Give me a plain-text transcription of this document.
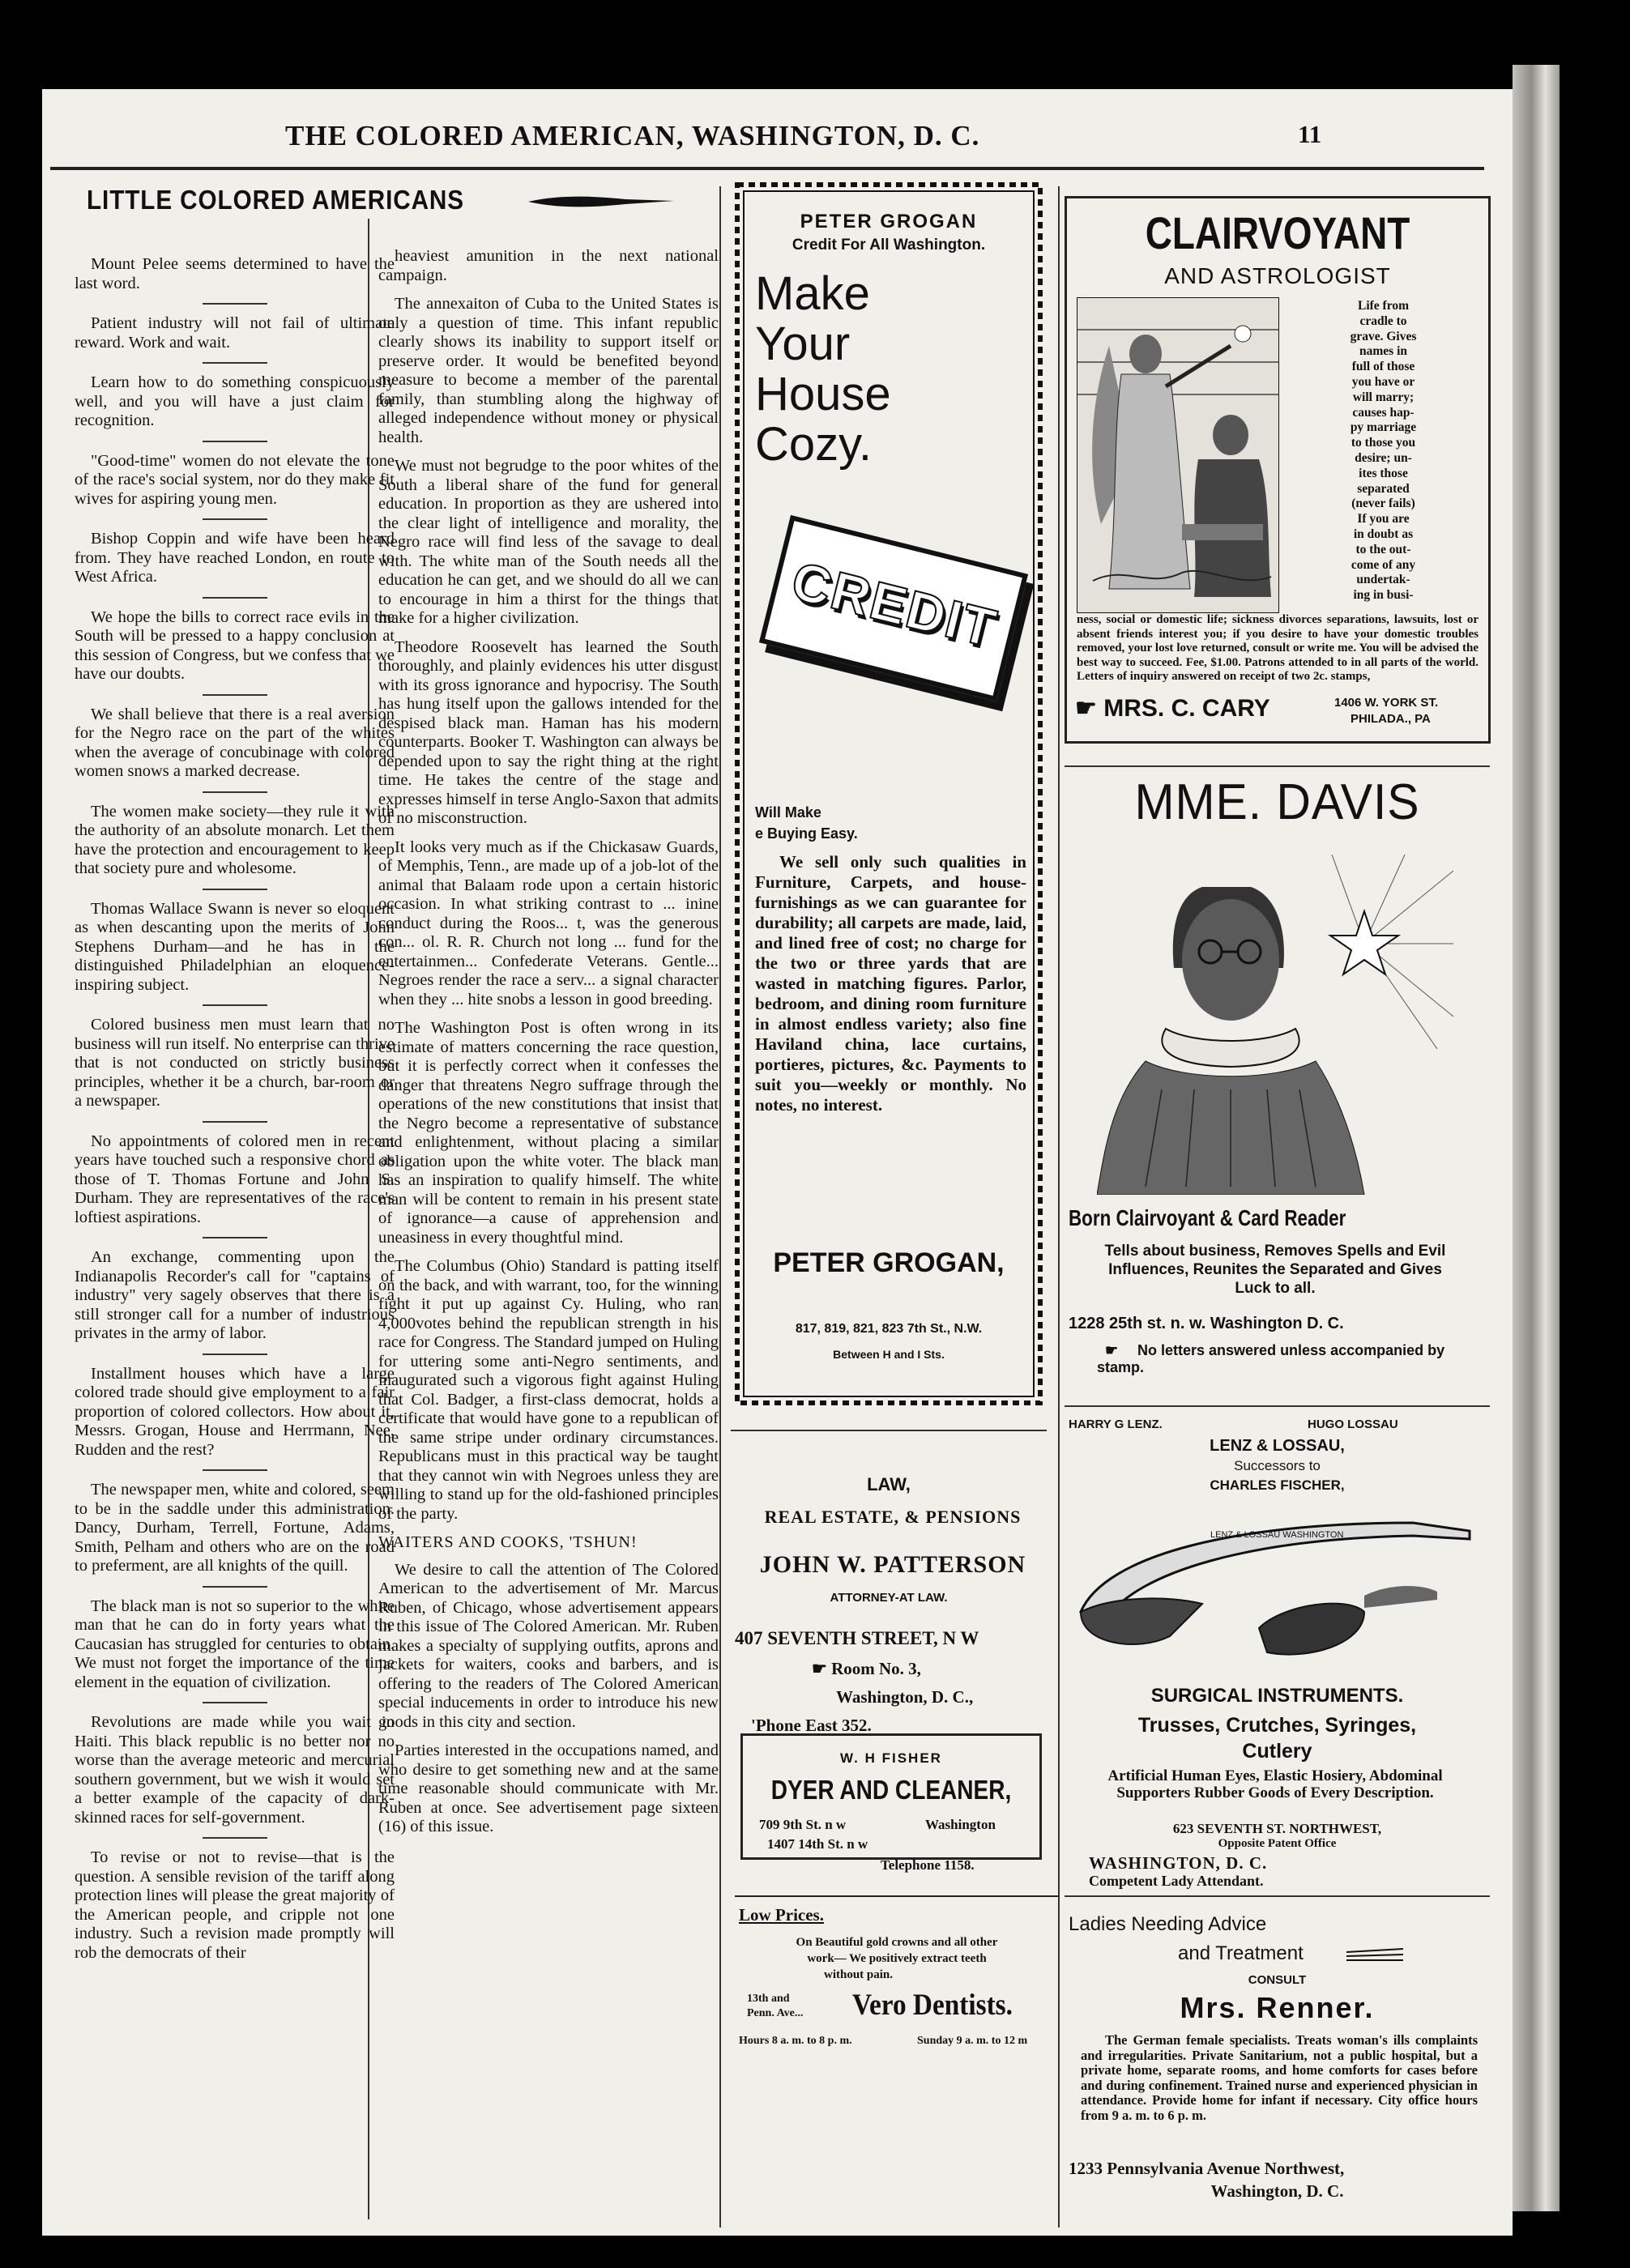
THE COLORED AMERICAN, WASHINGTON, D. C.	11
LITTLE COLORED AMERICANS

Mount Pelee seems determined to have the last word.

Patient industry will not fail of ultimate reward. Work and wait.

Learn how to do something conspicuously well, and you will have a just claim for recognition.

"Good-time" women do not elevate the tone of the race's social system, nor do they make fit wives for aspiring young men.

Bishop Coppin and wife have been heard from. They have reached London, en route to West Africa.

We hope the bills to correct race evils in the South will be pressed to a happy conclusion at this session of Congress, but we confess that we have our doubts.

We shall believe that there is a real aversion for the Negro race on the part of the whites when the average of concubinage with colored women snows a marked decrease.

The women make society—they rule it with the authority of an absolute monarch. Let them have the protection and encouragement to keep that society pure and wholesome.

Thomas Wallace Swann is never so eloquent as when descanting upon the merits of John Stephens Durham—and he has in the distinguished Philadelphian an eloquence-inspiring subject.

Colored business men must learn that no business will run itself. No enterprise can thrive that is not conducted on strictly business principles, whether it be a church, bar-room or a newspaper.

No appointments of colored men in recent years have touched such a responsive chord as those of T. Thomas Fortune and John S. Durham. They are representatives of the race's loftiest aspirations.

An exchange, commenting upon the Indianapolis Recorder's call for "captains of industry" very sagely observes that there is a still stronger call for a number of industrious privates in the army of labor.

Installment houses which have a large colored trade should give employment to a fair proportion of colored collectors. How about it, Messrs. Grogan, House and Herrmann, Nee, Rudden and the rest?

The newspaper men, white and colored, seem to be in the saddle under this administration. Dancy, Durham, Terrell, Fortune, Adams, Smith, Pelham and others who are on the road to preferment, are all knights of the quill.

The black man is not so superior to the white man that he can do in forty years what the Caucasian has struggled for centuries to obtain. We must not forget the importance of the time element in the equation of civilization.

Revolutions are made while you wait in Haiti. This black republic is no better nor no worse than the average meteoric and mercurial southern government, but we wish it would set a better example of the capacity of dark-skinned races for self-government.

To revise or not to revise—that is the question. A sensible revision of the tariff along protection lines will please the great majority of the American people, and cripple not one industry. Such a revision made promptly will rob the democrats of their

heaviest amunition in the next national campaign.

The annexaiton of Cuba to the United States is only a question of time. This infant republic clearly shows its inability to support itself or preserve order. It would be benefited beyond measure to become a member of the parental family, than stumbling along the highway of alleged independence without money or physical health.

We must not begrudge to the poor whites of the South a liberal share of the fund for general education. In proportion as they are ushered into the clear light of intelligence and morality, the Negro race will find less of the savage to deal with. The white man of the South needs all the education he can get, and we should do all we can to encourage in him a thirst for the things that make for a higher civilization.

Theodore Roosevelt has learned the South thoroughly, and plainly evidences his utter disgust with its gross ignorance and hypocrisy. The South has hung itself upon the gallows intended for the despised black man. Haman has his modern counterparts. Booker T. Washington can always be depended upon to say the right thing at the right time. He takes the centre of the stage and expresses himself in terse Anglo-Saxon that admits of no misconstruction.

It looks very much as if the Chickasaw Guards, of Memphis, Tenn., are made up of a job-lot of the animal that Balaam rode upon a certain historic occasion. In what striking contrast to ... inine conduct during the Roos... t, was the generous con... ol. R. R. Church not long ... fund for the entertainmen... Confederate Veterans. Gentle... Negroes render the race a serv... a signal character when they ... hite snobs a lesson in good breeding.

The Washington Post is often wrong in its estimate of matters concerning the race question, but it is perfectly correct when it confesses the danger that threatens Negro suffrage through the operations of the new constitutions that insist that the Negro become a representative of substance and enlightenment, without placing a similar obligation upon the white voter. The black man has an inspiration to qualify himself. The white man will be content to remain in his present state of ignorance—a cause of apprehension and uneasiness in every thoughtful mind.

The Columbus (Ohio) Standard is patting itself on the back, and with warrant, too, for the winning fight it put up against Cy. Huling, who ran 4,000votes behind the republican strength in his race for Congress. The Standard jumped on Huling for uttering some anti-Negro sentiments, and inaugurated such a vigorous fight against Huling that Col. Badger, a first-class democrat, holds a certificate that would have gone to a republican of the same stripe under ordinary circumstances. Republicans must in this practical way be taught that they cannot win with Negroes unless they are willing to stand up for the old-fashioned principles of the party.

WAITERS AND COOKS, 'TSHUN!

We desire to call the attention of The Colored American to the advertisement of Mr. Marcus Ruben, of Chicago, whose advertisement appears in this issue of The Colored American. Mr. Ruben makes a specialty of supplying outfits, aprons and jackets for waiters, cooks and barbers, and is offering to the readers of The Colored American special inducements in order to introduce his new goods in this city and section.

Parties interested in the occupations named, and who desire to get something new and at the same time reasonable should communicate with Mr. Ruben at once. See advertisement page sixteen (16) of this issue.

PETER GROGAN
Credit For All Washington.
Make
Your
House
Cozy.
CREDIT
Will Make
e Buying Easy.
We sell only such qualities in Furniture, Carpets, and house-furnishings as we can guarantee for durability; all carpets are made, laid, and lined free of cost; no charge for the two or three yards that are wasted in matching figures. Parlor, bedroom, and dining room furniture in almost endless variety; also fine Haviland china, lace curtains, portieres, pictures, &c. Payments to suit you—weekly or monthly. No notes, no interest.
PETER GROGAN,
817, 819, 821, 823 7th St., N.W.
Between H and I Sts.
LAW,
REAL ESTATE, & PENSIONS
JOHN W. PATTERSON
ATTORNEY-AT LAW.
407 SEVENTH STREET, N W
☛ Room No. 3,
Washington, D. C.,
'Phone East 352.
W. H FISHER
DYER AND CLEANER,
709 9th St. n w	Washington
1407 14th St. n w
Telephone 1158.
Low Prices.
On Beautiful gold crowns and all other
work— We positively extract teeth
without pain.
13th and
Penn. Ave... Vero Dentists.
Hours 8 a. m. to 8 p. m.	Sunday 9 a. m. to 12 m
CLAIRVOYANT
AND ASTROLOGIST
Life from
cradle to
grave. Gives
names in
full of those
you have or
will marry;
causes hap-
py marriage
to those you
desire; un-
ites those
separated
(never fails)
If you are
in doubt as
to the out-
come of any
undertak-
ing in busi-
ness, social or domestic life; sickness divorces separations, lawsuits, lost or absent friends interest you; if you desire to have your domestic troubles removed, your lost love returned, consult or write me. You will be advised the best way to succeed. Fee, $1.00. Patrons attended to in all parts of the world. Letters of inquiry answered on receipt of two 2c. stamps,
☛ MRS. C. CARY	1406 W. YORK ST.
PHILADA., PA
MME. DAVIS
Born Clairvoyant & Card Reader
Tells about business, Removes Spells and Evil Influences, Reunites the Separated and Gives Luck to all.
1228 25th st. n. w. Washington D. C.
☛ No letters answered unless accompanied by stamp.
HARRY G LENZ.	HUGO LOSSAU
LENZ & LOSSAU,
Successors to
CHARLES FISCHER,
LENZ & LOSSAU WASHINGTON
SURGICAL INSTRUMENTS.
Trusses, Crutches, Syringes,
Cutlery
Artificial Human Eyes, Elastic Hosiery, Abdominal Supporters Rubber Goods of Every Description.
623 SEVENTH ST. NORTHWEST,
Opposite Patent Office
WASHINGTON, D. C.
Competent Lady Attendant.
Ladies Needing Advice
and Treatment
CONSULT
Mrs. Renner.
The German female specialists. Treats woman's ills complaints and irregularities. Private Sanitarium, not a public hospital, but a private home, separate rooms, and home comforts for cases before and during confinement. Trained nurse and experienced physician in attendance. Provide home for infant if necessary. City office hours from 9 a. m. to 6 p. m.
1233 Pennsylvania Avenue Northwest,
Washington, D. C.
